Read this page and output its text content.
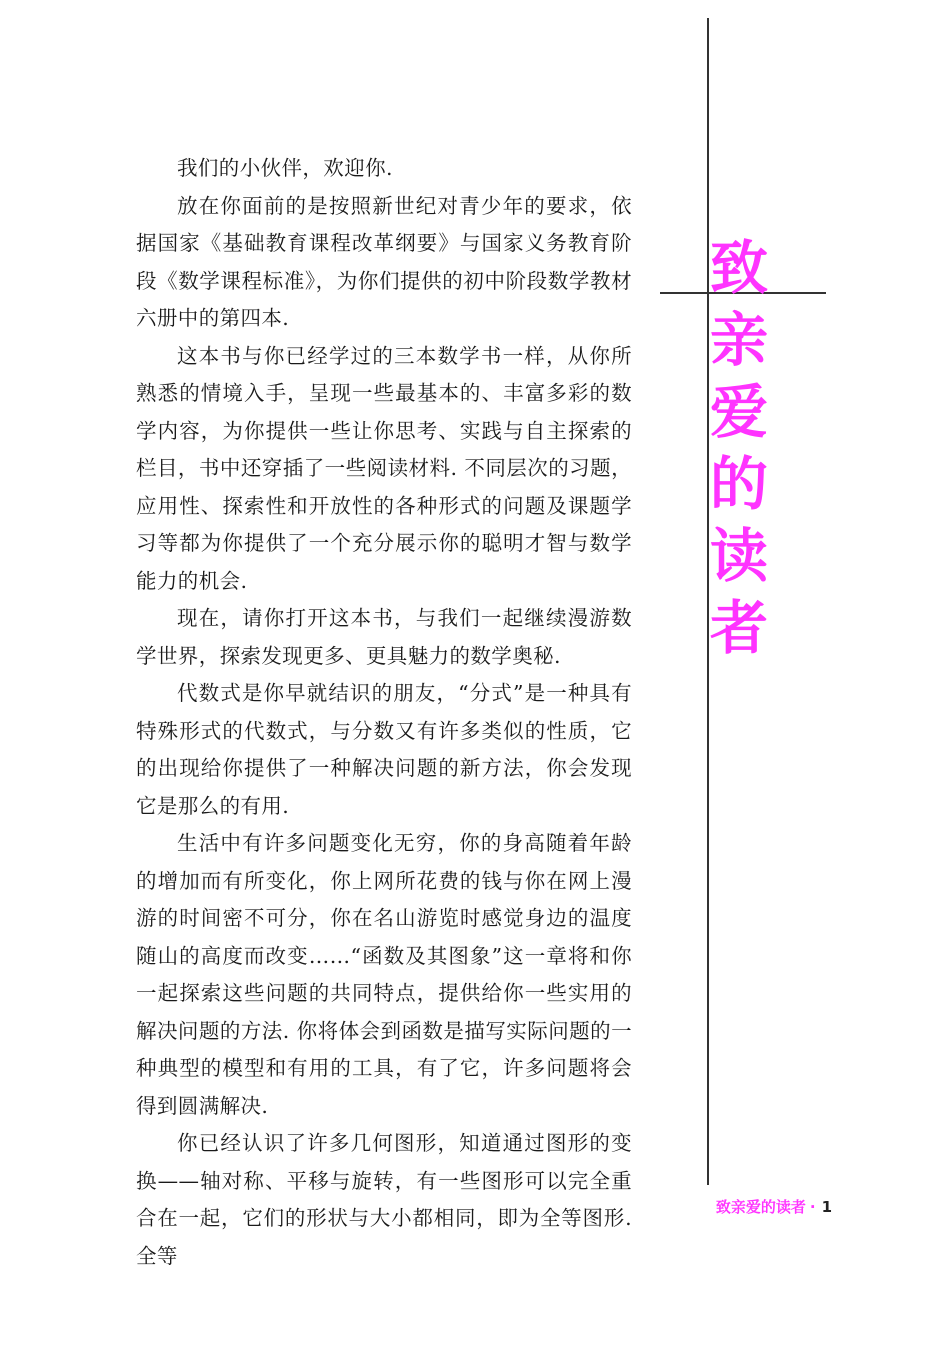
我们的小伙伴，欢迎你.

放在你面前的是按照新世纪对青少年的要求，依据国家《基础教育课程改革纲要》与国家义务教育阶段《数学课程标准》，为你们提供的初中阶段数学教材六册中的第四本.

这本书与你已经学过的三本数学书一样，从你所熟悉的情境入手，呈现一些最基本的、丰富多彩的数学内容，为你提供一些让你思考、实践与自主探索的栏目，书中还穿插了一些阅读材料. 不同层次的习题，应用性、探索性和开放性的各种形式的问题及课题学习等都为你提供了一个充分展示你的聪明才智与数学能力的机会.

现在，请你打开这本书，与我们一起继续漫游数学世界，探索发现更多、更具魅力的数学奥秘.

代数式是你早就结识的朋友，“分式”是一种具有特殊形式的代数式，与分数又有许多类似的性质，它的出现给你提供了一种解决问题的新方法，你会发现它是那么的有用.

生活中有许多问题变化无穷，你的身高随着年龄的增加而有所变化，你上网所花费的钱与你在网上漫游的时间密不可分，你在名山游览时感觉身边的温度随山的高度而改变……“函数及其图象”这一章将和你一起探索这些问题的共同特点，提供给你一些实用的解决问题的方法. 你将体会到函数是描写实际问题的一种典型的模型和有用的工具，有了它，许多问题将会得到圆满解决.

你已经认识了许多几何图形，知道通过图形的变换——轴对称、平移与旋转，有一些图形可以完全重合在一起，它们的形状与大小都相同，即为全等图形. 全等

致
亲
爱
的
读
者
致亲爱的读者 · 1
